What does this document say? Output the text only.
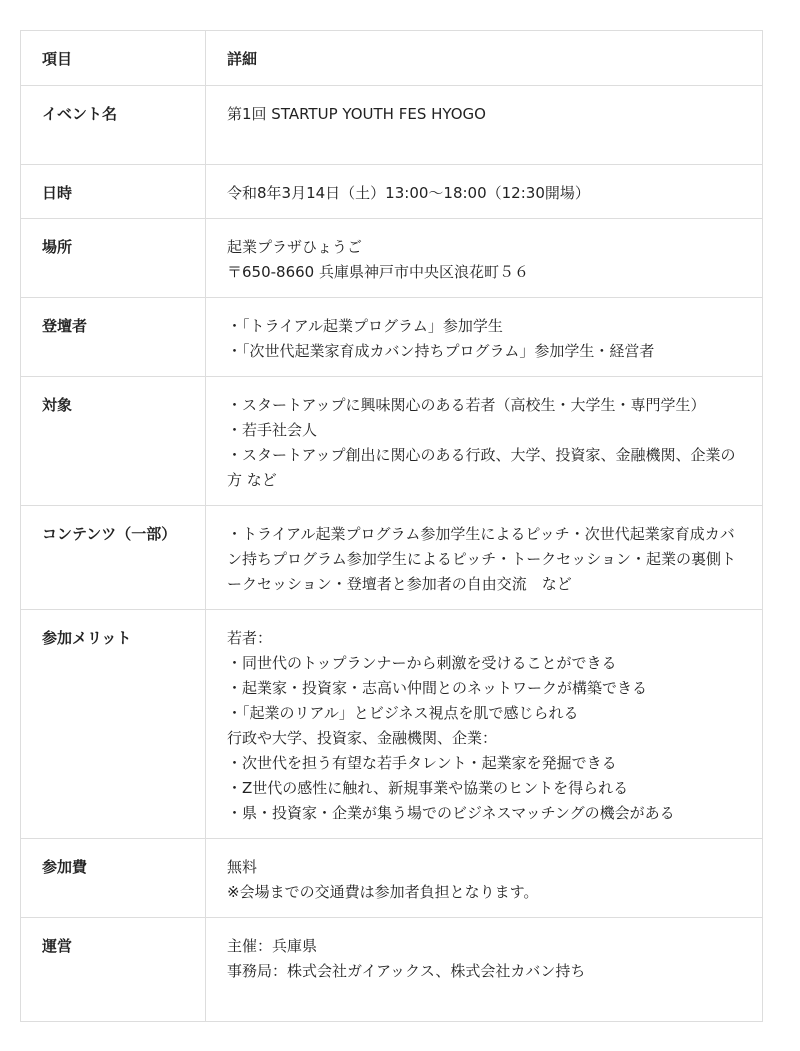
項目	詳細
イベント名	第1回 STARTUP YOUTH FES HYOGO
日時	令和8年3月14日（土）13:00〜18:00（12:30開場）
場所	起業プラザひょうご
〒650-8660 兵庫県神戸市中央区浪花町５６
登壇者	・「トライアル起業プログラム」参加学生
・「次世代起業家育成カバン持ちプログラム」参加学生・経営者
対象	・スタートアップに興味関心のある若者（高校生・大学生・専門学生）
・若手社会人
・スタートアップ創出に関心のある行政、大学、投資家、金融機関、企業の方 など
コンテンツ（一部）	・トライアル起業プログラム参加学生によるピッチ・次世代起業家育成カバン持ちプログラム参加学生によるピッチ・トークセッション・起業の裏側トークセッション・登壇者と参加者の自由交流　など
参加メリット	若者：
・同世代のトップランナーから刺激を受けることができる
・起業家・投資家・志高い仲間とのネットワークが構築できる
・「起業のリアル」とビジネス視点を肌で感じられる
行政や大学、投資家、金融機関、企業：
・次世代を担う有望な若手タレント・起業家を発掘できる
・Z世代の感性に触れ、新規事業や協業のヒントを得られる
・県・投資家・企業が集う場でのビジネスマッチングの機会がある
参加費	無料
※会場までの交通費は参加者負担となります。
運営	主催：兵庫県
事務局：株式会社ガイアックス、株式会社カバン持ち
